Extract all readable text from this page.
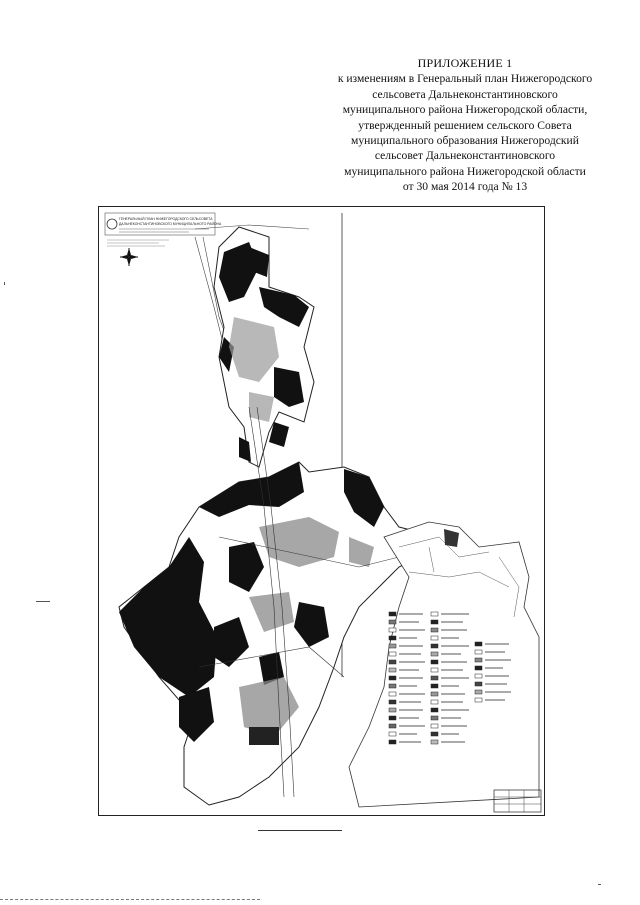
ПРИЛОЖЕНИЕ 1
к изменениям в Генеральный план Нижегородского
сельсовета Дальнеконстантиновского
муниципального района Нижегородской области,
утвержденный решением сельского Совета
муниципального образования Нижегородский
сельсовет Дальнеконстантиновского
муниципального района Нижегородской области
от 30 мая 2014 года № 13
ГЕНЕРАЛЬНЫЙ ПЛАН НИЖЕГОРОДСКОГО СЕЛЬСОВЕТА
ДАЛЬНЕКОНСТАНТИНОВСКОГО МУНИЦИПАЛЬНОГО РАЙОНА
